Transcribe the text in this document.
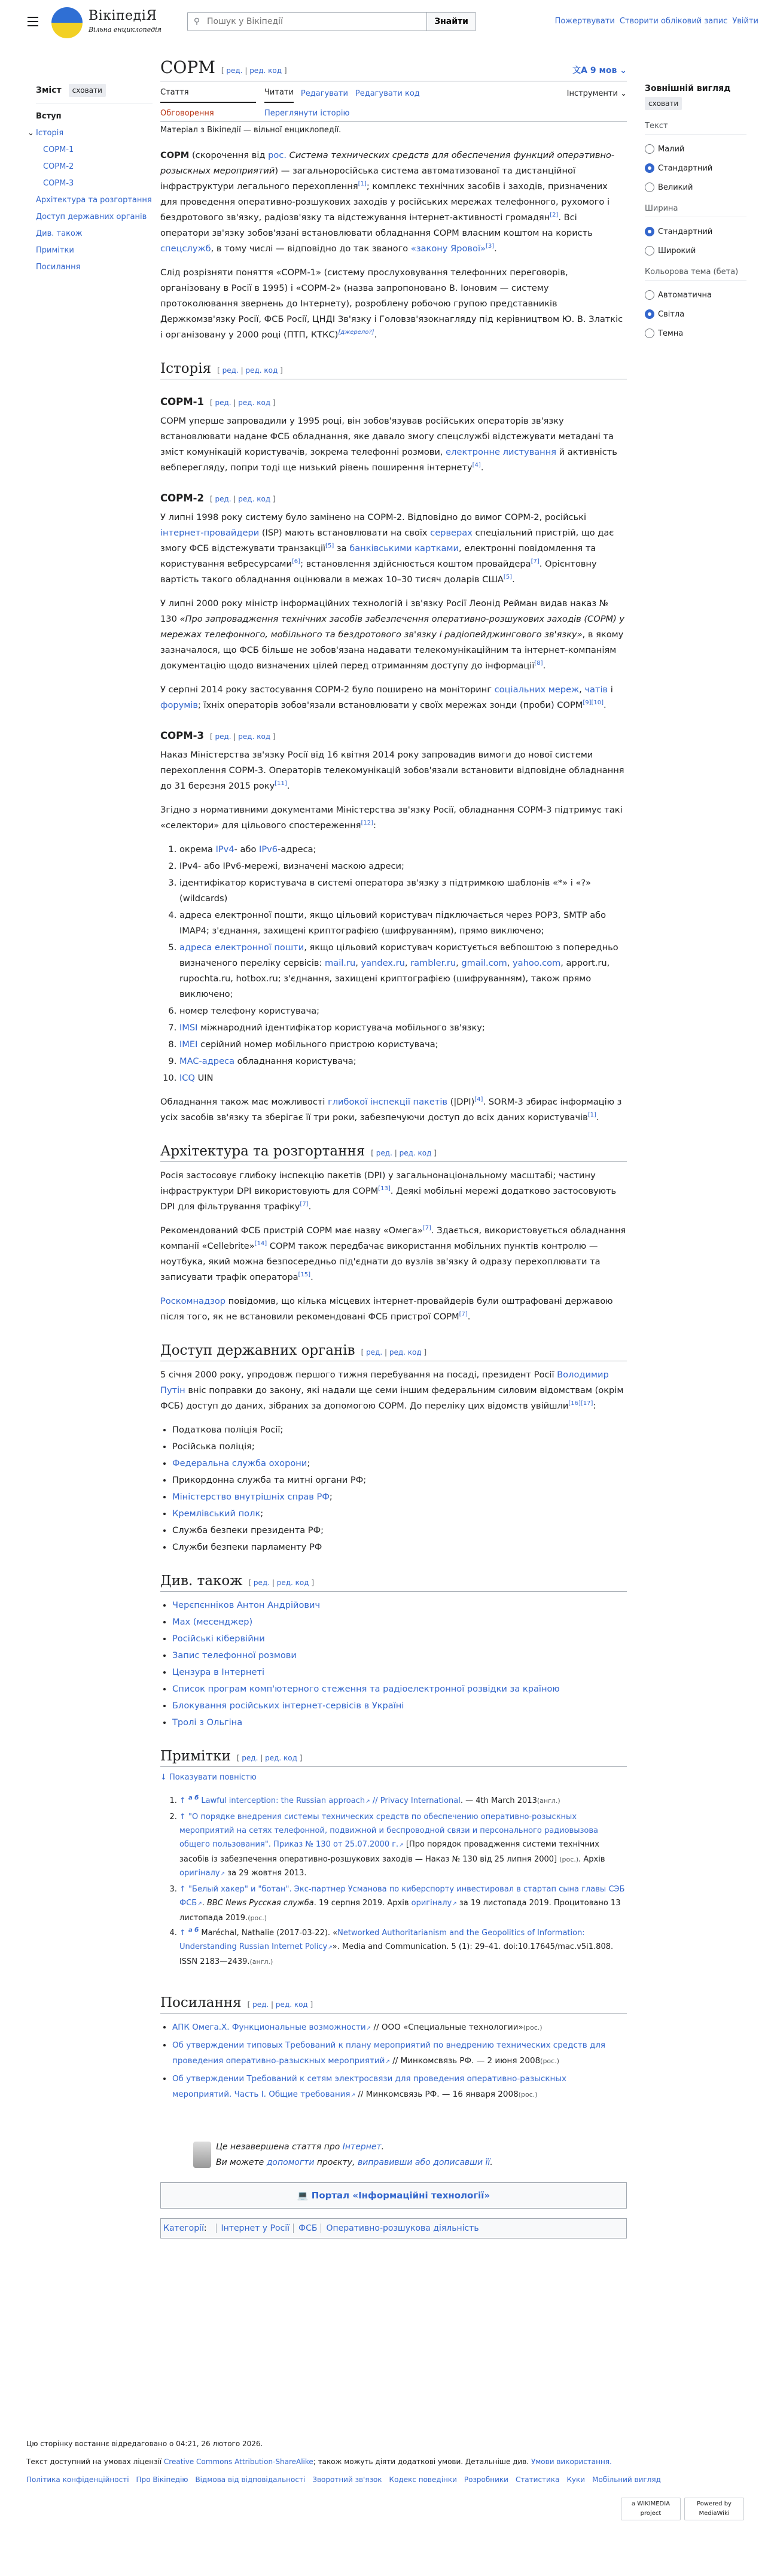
ВікіпедіЯ
Вільна енциклопедія
⚲
Пошук у Вікіпедії	Знайти	Пожертвувати Створити обліковий запис Увійти
Зміст	сховати
Вступ
⌄ Історія
СОРМ-1
СОРМ-2
СОРМ-3
Архітектура та розгортання
Доступ державних органів
Див. також
Примітки
Посилання
Зовнішній вигляд
сховати
Текст
Малий
Стандартний
Великий
Ширина
Стандартний
Широкий
Кольорова тема (бета)
Автоматична
Світла
Темна
СОРМ [ ред. | ред. код ]	文A 9 мов ⌄
Стаття	Читати Редагувати Редагувати код	Інструменти ⌄
Обговорення	Переглянути історію
Матеріал з Вікіпедії — вільної енциклопедії.

СОРМ (скорочення від рос. Система технических средств для обеспечения функций оперативно-розыскных мероприятий) — загальноросійська система автоматизованої та дистанційної інфраструктури легального перехоплення[1]; комплекс технічних засобів і заходів, призначених для проведення оперативно-розшукових заходів у російських мережах телефонного, рухомого і бездротового зв'язку, радіозв'язку та відстежування інтернет-активності громадян[2]. Всі оператори зв'язку зобов'язані встановлювати обладнання СОРМ власним коштом на користь спецслужб, в тому числі — відповідно до так званого «закону Ярової»[3].

Слід розрізняти поняття «СОРМ-1» (систему прослуховування телефонних переговорів, організовану в Росії в 1995) і «СОРМ-2» (назва запропоновано В. Іоновим — систему протоколювання звернень до Інтернету), розроблену робочою групою представників Держкомзв'язку Росії, ФСБ Росії, ЦНДІ Зв'язку і Головзв'язокнагляду під керівництвом Ю. В. Златкіс і організовану у 2000 році (ПТП, КТКС)[джерело?].

Історія [ ред. | ред. код ]
СОРМ-1 [ ред. | ред. код ]

СОРМ уперше запровадили у 1995 році, він зобов'язував російських операторів зв'язку встановлювати надане ФСБ обладнання, яке давало змогу спецслужбі відстежувати метадані та зміст комунікацій користувачів, зокрема телефонні розмови, електронне листування й активність вебперегляду, попри тоді ще низький рівень поширення інтернету[4].

СОРМ-2 [ ред. | ред. код ]

У липні 1998 року систему було замінено на СОРМ-2. Відповідно до вимог СОРМ-2, російські інтернет-провайдери (ISP) мають встановлювати на своїх серверах спеціальний пристрій, що дає змогу ФСБ відстежувати транзакції[5] за банківськими картками, електронні повідомлення та користування вебресурсами[6]; встановлення здійснюється коштом провайдера[7]. Орієнтовну вартість такого обладнання оцінювали в межах 10–30 тисяч доларів США[5].

У липні 2000 року міністр інформаційних технологій і зв'язку Росії Леонід Рейман видав наказ № 130 «Про запровадження технічних засобів забезпечення оперативно-розшукових заходів (СОРМ) у мережах телефонного, мобільного та бездротового зв'язку і радіопейджингового зв'язку», в якому зазначалося, що ФСБ більше не зобов'язана надавати телекомунікаційним та інтернет-компаніям документацію щодо визначених цілей перед отриманням доступу до інформації[8].

У серпні 2014 року застосування СОРМ-2 було поширено на моніторинг соціальних мереж, чатів і форумів; їхніх операторів зобов'язали встановлювати у своїх мережах зонди (проби) СОРМ[9][10].

СОРМ-3 [ ред. | ред. код ]

Наказ Міністерства зв'язку Росії від 16 квітня 2014 року запровадив вимоги до нової системи перехоплення СОРМ-3. Операторів телекомунікацій зобов'язали встановити відповідне обладнання до 31 березня 2015 року[11].

Згідно з нормативними документами Міністерства зв'язку Росії, обладнання СОРМ-3 підтримує такі «селектори» для цільового спостереження[12]:

1. окрема IPv4- або IPv6-адреса;
2. IPv4- або IPv6-мережі, визначені маскою адреси;
3. ідентифікатор користувача в системі оператора зв'язку з підтримкою шаблонів «*» і «?» (wildcards)
4. адреса електронної пошти, якщо цільовий користувач підключається через POP3, SMTP або IMAP4; з'єднання, захищені криптографією (шифруванням), прямо виключено;
5. адреса електронної пошти, якщо цільовий користувач користується вебпоштою з попередньо визначеного переліку сервісів: mail.ru, yandex.ru, rambler.ru, gmail.com, yahoo.com, apport.ru, rupochta.ru, hotbox.ru; з'єднання, захищені криптографією (шифруванням), також прямо виключено;
6. номер телефону користувача;
7. IMSI міжнародний ідентифікатор користувача мобільного зв'язку;
8. IMEI серійний номер мобільного пристрою користувача;
9. MAC-адреса обладнання користувача;
10. ICQ UIN

Обладнання також має можливості глибокої інспекції пакетів (|DPI)[4]. SORM-3 збирає інформацію з усіх засобів зв'язку та зберігає її три роки, забезпечуючи доступ до всіх даних користувачів[1].

Архітектура та розгортання [ ред. | ред. код ]

Росія застосовує глибоку інспекцію пакетів (DPI) у загальнонаціональному масштабі; частину інфраструктури DPI використовують для СОРМ[13]. Деякі мобільні мережі додатково застосовують DPI для фільтрування трафіку[7].

Рекомендований ФСБ пристрій СОРМ має назву «Омега»[7]. Здається, використовується обладнання компанії «Cellebrite»[14] СОРМ також передбачає використання мобільних пунктів контролю — ноутбука, який можна безпосередньо під'єднати до вузлів зв'язку й одразу перехоплювати та записувати трафік оператора[15].

Роскомнадзор повідомив, що кілька місцевих інтернет-провайдерів були оштрафовані державою після того, як не встановили рекомендовані ФСБ пристрої СОРМ[7].

Доступ державних органів [ ред. | ред. код ]

5 січня 2000 року, упродовж першого тижня перебування на посаді, президент Росії Володимир Путін вніс поправки до закону, які надали ще семи іншим федеральним силовим відомствам (окрім ФСБ) доступ до даних, зібраних за допомогою СОРМ. До переліку цих відомств увійшли[16][17]:

• Податкова поліція Росії;
• Російська поліція;
• Федеральна служба охорони;
• Прикордонна служба та митні органи РФ;
• Міністерство внутрішніх справ РФ;
• Кремлівський полк;
• Служба безпеки президента РФ;
• Служби безпеки парламенту РФ
Див. також [ ред. | ред. код ]
• Черєпєнніков Антон Андрійович
• Max (месенджер)
• Російські кібервійни
• Запис телефонної розмови
• Цензура в Інтернеті
• Список програм комп'ютерного стеження та радіоелектронної розвідки за країною
• Блокування російських інтернет-сервісів в Україні
• Тролі з Ольгіна
Примітки [ ред. | ред. код ]
↓ Показувати повністю
1. ↑ $^{а б}$ Lawful interception: the Russian approach ↗ // Privacy International. — 4th March 2013(англ.)
2. ↑ "О порядке внедрения системы технических средств по обеспечению оперативно-розыскных мероприятий на сетях телефонной, подвижной и беспроводной связи и персонального радиовызова общего пользования". Приказ № 130 от 25.07.2000 г. ↗ [Про порядок провадження системи технічних засобів із забезпечення оперативно-розшукових заходів — Наказ № 130 від 25 липня 2000] (рос.). Архів оригіналу ↗ за 29 жовтня 2013.
3. ↑ "Белый хакер" и "ботан". Экс-партнер Усманова по киберспорту инвестировал в стартап сына главы СЭБ ФСБ ↗ . BBC News Русская служба. 19 серпня 2019. Архів оригіналу ↗ за 19 листопада 2019. Процитовано 13 листопада 2019.(рос.)
4. ↑ $^{а б}$ Maréchal, Nathalie (2017-03-22). «Networked Authoritarianism and the Geopolitics of Information: Understanding Russian Internet Policy ↗ ». Media and Communication. 5 (1): 29–41. doi:10.17645/mac.v5i1.808. ISSN 2183—2439.(англ.)
Посилання [ ред. | ред. код ]
• АПК Омега.Х. Функциональные возможности ↗ // ООО «Специальные технологии»(рос.)
• Об утверждении типовых Требований к плану мероприятий по внедрению технических средств для проведения оперативно-разыскных мероприятий ↗ // Минкомсвязь РФ. — 2 июня 2008(рос.)
• Об утверждении Требований к сетям электросвязи для проведения оперативно-разыскных мероприятий. Часть I. Общие требования ↗ // Минкомсвязь РФ. — 16 января 2008(рос.)
Це незавершена стаття про Інтернет.
Ви можете допомогти проєкту, виправивши або дописавши її.
💻 Портал «Інформаційні технології»
Категорії:  Інтернет у Росії ФСБ Оперативно-розшукова діяльність
Цю сторінку востаннє відредаговано о 04:21, 26 лютого 2026.
Текст доступний на умовах ліцензії Creative Commons Attribution-ShareAlike; також можуть діяти додаткові умови. Детальніше див. Умови використання.
Політика конфіденційності Про Вікіпедію Відмова від відповідальності Зворотний зв'язок Кодекс поведінки Розробники Статистика Куки Мобільний вигляд
a WIKIMEDIA project
Powered by MediaWiki
